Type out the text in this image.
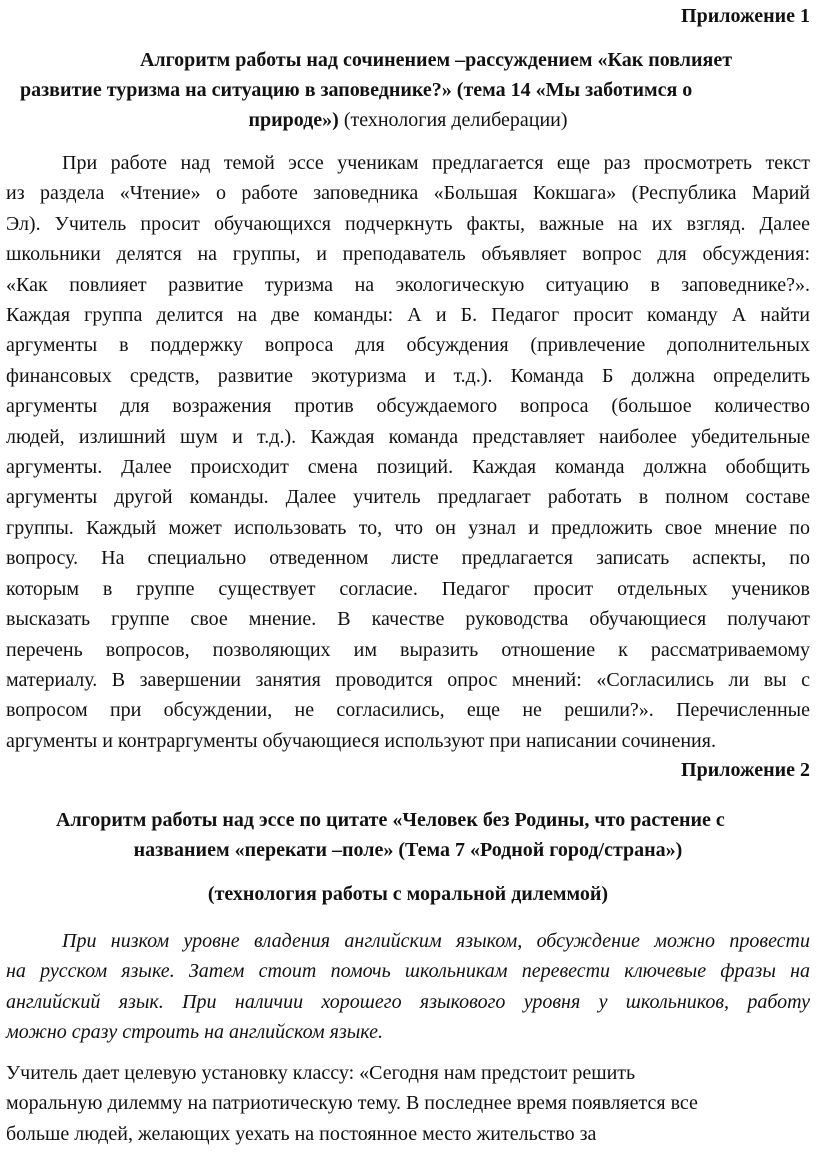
Приложение 1

Алгоритм работы над сочинением –рассуждением «Как повлияет

развитие туризма на ситуацию в заповеднике?» (тема 14 «Мы заботимся о

природе») (технология делиберации)

При работе над темой эссе ученикам предлагается еще раз просмотреть текст
из раздела «Чтение» о работе заповедника «Большая Кокшага» (Республика Марий
Эл). Учитель просит обучающихся подчеркнуть факты, важные на их взгляд. Далее
школьники делятся на группы, и преподаватель объявляет вопрос для обсуждения:
«Как повлияет развитие туризма на экологическую ситуацию в заповеднике?».
Каждая группа делится на две команды: А и Б. Педагог просит команду А найти
аргументы в поддержку вопроса для обсуждения (привлечение дополнительных
финансовых средств, развитие экотуризма и т.д.). Команда Б должна определить
аргументы для возражения против обсуждаемого вопроса (большое количество
людей, излишний шум и т.д.). Каждая команда представляет наиболее убедительные
аргументы. Далее происходит смена позиций. Каждая команда должна обобщить
аргументы другой команды. Далее учитель предлагает работать в полном составе
группы. Каждый может использовать то, что он узнал и предложить свое мнение по
вопросу. На специально отведенном листе предлагается записать аспекты, по
которым в группе существует согласие. Педагог просит отдельных учеников
высказать группе свое мнение. В качестве руководства обучающиеся получают
перечень вопросов, позволяющих им выразить отношение к рассматриваемому
материалу. В завершении занятия проводится опрос мнений: «Согласились ли вы с
вопросом при обсуждении, не согласились, еще не решили?». Перечисленные
аргументы и контраргументы обучающиеся используют при написании сочинения.

Приложение 2

Алгоритм работы над эссе по цитате «Человек без Родины, что растение с

названием «перекати –поле» (Тема 7 «Родной город/страна»)

(технология работы с моральной дилеммой)

При низком уровне владения английским языком, обсуждение можно провести
на русском языке. Затем стоит помочь школьникам перевести ключевые фразы на
английский язык. При наличии хорошего языкового уровня у школьников, работу
можно сразу строить на английском языке.
Учитель дает целевую установку классу: «Сегодня нам предстоит решить
моральную дилемму на патриотическую тему. В последнее время появляется все
больше людей, желающих уехать на постоянное место жительство за
